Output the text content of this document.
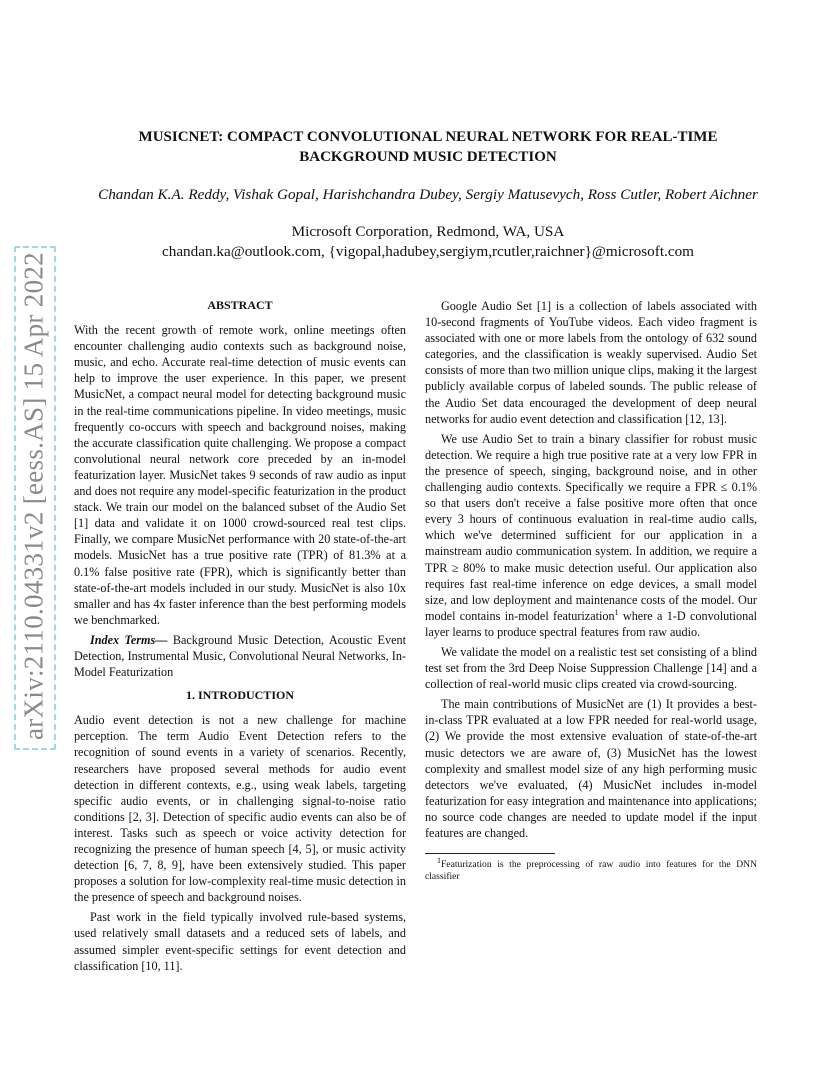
arXiv:2110.04331v2 [eess.AS] 15 Apr 2022
MUSICNET: COMPACT CONVOLUTIONAL NEURAL NETWORK FOR REAL-TIME
BACKGROUND MUSIC DETECTION
Chandan K.A. Reddy, Vishak Gopal, Harishchandra Dubey, Sergiy Matusevych, Ross Cutler, Robert Aichner
Microsoft Corporation, Redmond, WA, USA
chandan.ka@outlook.com, {vigopal,hadubey,sergiym,rcutler,raichner}@microsoft.com
ABSTRACT

With the recent growth of remote work, online meetings often encounter challenging audio contexts such as background noise, music, and echo. Accurate real-time detection of music events can help to improve the user experience. In this paper, we present MusicNet, a compact neural model for detecting background music in the real-time communications pipeline. In video meetings, music frequently co-occurs with speech and background noises, making the accurate classification quite challenging. We propose a compact convolutional neural network core preceded by an in-model featurization layer. MusicNet takes 9 seconds of raw audio as input and does not require any model-specific featurization in the product stack. We train our model on the balanced subset of the Audio Set [1] data and validate it on 1000 crowd-sourced real test clips. Finally, we compare MusicNet performance with 20 state-of-the-art models. MusicNet has a true positive rate (TPR) of 81.3% at a 0.1% false positive rate (FPR), which is significantly better than state-of-the-art models included in our study. MusicNet is also 10x smaller and has 4x faster inference than the best performing models we benchmarked.

Index Terms— Background Music Detection, Acoustic Event Detection, Instrumental Music, Convolutional Neural Networks, In-Model Featurization

1. INTRODUCTION

Audio event detection is not a new challenge for machine perception. The term Audio Event Detection refers to the recognition of sound events in a variety of scenarios. Recently, researchers have proposed several methods for audio event detection in different contexts, e.g., using weak labels, targeting specific audio events, or in challenging signal-to-noise ratio conditions [2, 3]. Detection of specific audio events can also be of interest. Tasks such as speech or voice activity detection for recognizing the presence of human speech [4, 5], or music activity detection [6, 7, 8, 9], have been extensively studied. This paper proposes a solution for low-complexity real-time music detection in the presence of speech and background noises.

Past work in the field typically involved rule-based systems, used relatively small datasets and a reduced sets of labels, and assumed simpler event-specific settings for event detection and classification [10, 11].

Google Audio Set [1] is a collection of labels associated with 10-second fragments of YouTube videos. Each video fragment is associated with one or more labels from the ontology of 632 sound categories, and the classification is weakly supervised. Audio Set consists of more than two million unique clips, making it the largest publicly available corpus of labeled sounds. The public release of the Audio Set data encouraged the development of deep neural networks for audio event detection and classification [12, 13].

We use Audio Set to train a binary classifier for robust music detection. We require a high true positive rate at a very low FPR in the presence of speech, singing, background noise, and in other challenging audio contexts. Specifically we require a FPR ≤ 0.1% so that users don't receive a false positive more often that once every 3 hours of continuous evaluation in real-time audio calls, which we've determined sufficient for our application in a mainstream audio communication system. In addition, we require a TPR ≥ 80% to make music detection useful. Our application also requires fast real-time inference on edge devices, a small model size, and low deployment and maintenance costs of the model. Our model contains in-model featurization$^1$ where a 1-D convolutional layer learns to produce spectral features from raw audio.

We validate the model on a realistic test set consisting of a blind test set from the 3rd Deep Noise Suppression Challenge [14] and a collection of real-world music clips created via crowd-sourcing.

The main contributions of MusicNet are (1) It provides a best-in-class TPR evaluated at a low FPR needed for real-world usage, (2) We provide the most extensive evaluation of state-of-the-art music detectors we are aware of, (3) MusicNet has the lowest complexity and smallest model size of any high performing music detectors we've evaluated, (4) MusicNet includes in-model featurization for easy integration and maintenance into applications; no source code changes are needed to update model if the input features are changed.

$^1$Featurization is the preprocessing of raw audio into features for the DNN classifier
